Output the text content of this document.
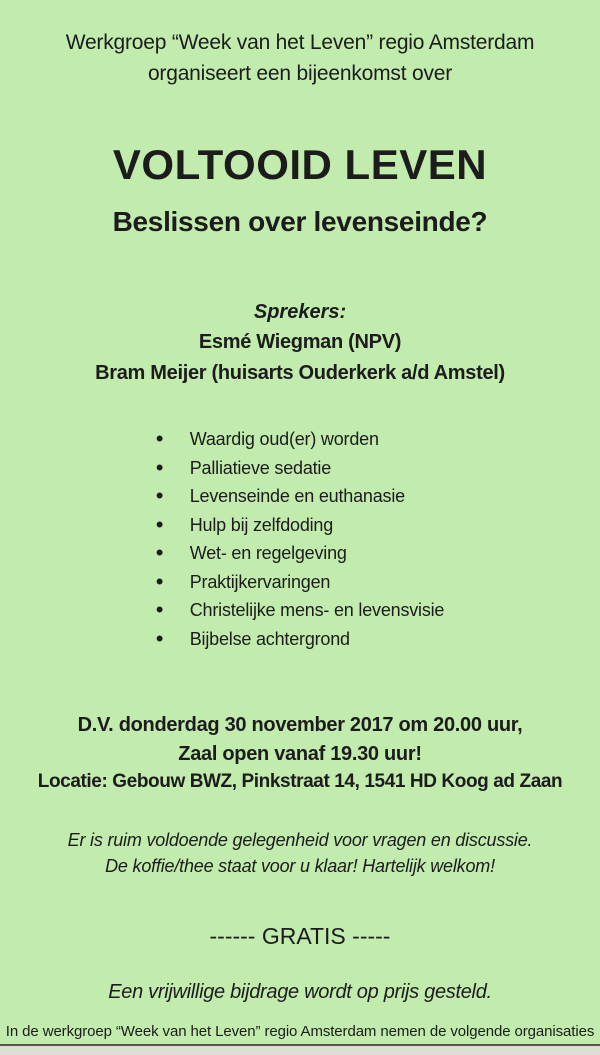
Werkgroep “Week van het Leven” regio Amsterdam
organiseert een bijeenkomst over
VOLTOOID LEVEN
Beslissen over levenseinde?
Sprekers:
Esmé Wiegman (NPV)
Bram Meijer (huisarts Ouderkerk a/d Amstel)
• Waardig oud(er) worden
• Palliatieve sedatie
• Levenseinde en euthanasie
• Hulp bij zelfdoding
• Wet- en regelgeving
• Praktijkervaringen
• Christelijke mens- en levensvisie
• Bijbelse achtergrond
D.V. donderdag 30 november 2017 om 20.00 uur,
Zaal open vanaf 19.30 uur!
Locatie: Gebouw BWZ, Pinkstraat 14, 1541 HD Koog ad Zaan
Er is ruim voldoende gelegenheid voor vragen en discussie.
De koffie/thee staat voor u klaar! Hartelijk welkom!
------ GRATIS -----
Een vrijwillige bijdrage wordt op prijs gesteld.
In de werkgroep “Week van het Leven” regio Amsterdam nemen de volgende organisaties
